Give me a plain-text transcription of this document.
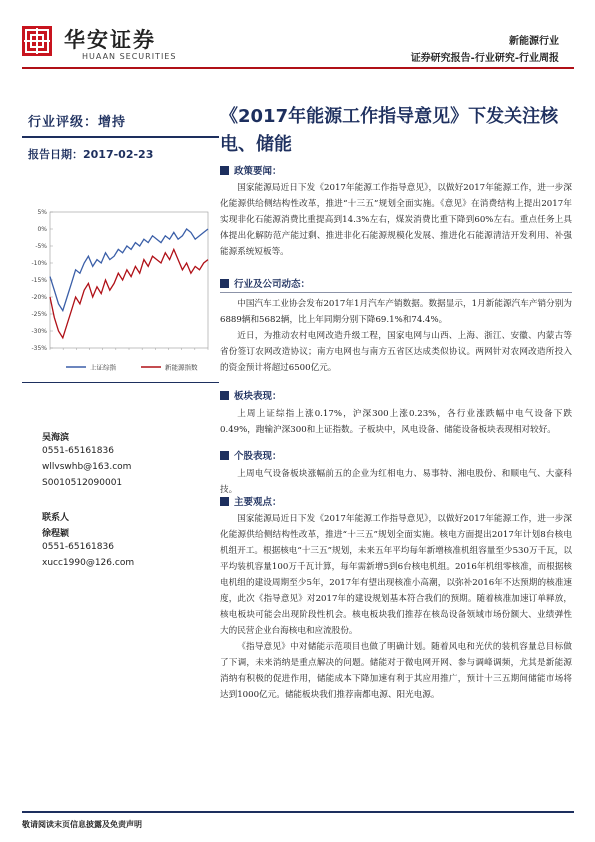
华安证券
HUAAN SECURITIES
新能源行业
证券研究报告-行业研究-行业周报
行业评级：增持
报告日期：2017-02-23
5%
0%
-5%
-10%
-15%
-20%
-25%
-30%
-35%
上证综指	新能源指数
吴海滨
0551-65161836
wllvswhb@163.com
S0010512090001
联系人
徐程颖
0551-65161836
xucc1990@126.com
《2017年能源工作指导意见》下发关注核电、储能
政策要闻：

国家能源局近日下发《2017年能源工作指导意见》，以做好2017年能源工作，进一步深化能源供给侧结构性改革，推进“十三五”规划全面实施。《意见》在消费结构上提出2017年实现非化石能源消费比重提高到14.3%左右，煤炭消费比重下降到60%左右。重点任务上具体提出化解防范产能过剩、推进非化石能源规模化发展、推进化石能源清洁开发利用、补强能源系统短板等。

行业及公司动态：

中国汽车工业协会发布2017年1月汽车产销数据。数据显示，1月新能源汽车产销分别为6889辆和5682辆，比上年同期分别下降69.1%和74.4%。

近日，为推动农村电网改造升级工程，国家电网与山西、上海、浙江、安徽、内蒙古等省份签订农网改造协议；南方电网也与南方五省区达成类似协议。两网针对农网改造所投入的资金预计将超过6500亿元。

板块表现：

上周上证综指上涨0.17%，沪深300上涨0.23%，各行业涨跌幅中电气设备下跌0.49%，跑输沪深300和上证指数。子板块中，风电设备、储能设备板块表现相对较好。

个股表现：

上周电气设备板块涨幅前五的企业为红相电力、易事特、湘电股份、和顺电气、大豪科技。

主要观点：

国家能源局近日下发《2017年能源工作指导意见》，以做好2017年能源工作，进一步深化能源供给侧结构性改革，推进“十三五”规划全面实施。核电方面提出2017年计划8台核电机组开工。根据核电“十三五”规划，未来五年平均每年新增核准机组容量至少530万千瓦，以平均装机容量100万千瓦计算，每年需新增5到6台核电机组。2016年机组零核准，而根据核电机组的建设周期至少5年，2017年有望出现核准小高潮，以弥补2016年不达预期的核准速度，此次《指导意见》对2017年的建设规划基本符合我们的预期。随着核准加速订单释放，核电板块可能会出现阶段性机会。核电板块我们推荐在核岛设备领域市场份额大、业绩弹性大的民营企业台海核电和应流股份。

《指导意见》中对储能示范项目也做了明确计划。随着风电和光伏的装机容量总目标做了下调，未来消纳是重点解决的问题。储能对于微电网开网、参与调峰调频，尤其是新能源消纳有积极的促进作用，储能成本下降加速有利于其应用推广，预计十三五期间储能市场将达到1000亿元。储能板块我们推荐南都电源、阳光电源。

敬请阅读末页信息披露及免责声明
